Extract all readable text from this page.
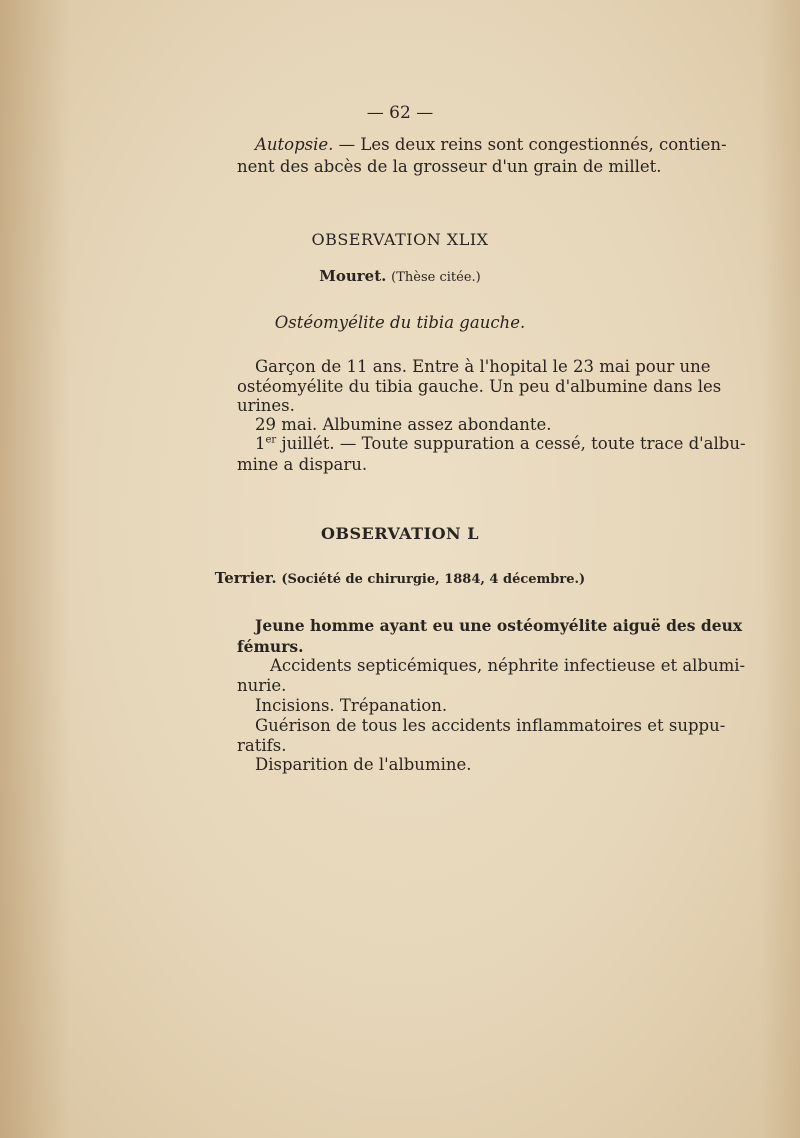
— 62 —
Autopsie. — Les deux reins sont congestionnés, contien-
nent des abcès de la grosseur d'un grain de millet.
OBSERVATION XLIX
Mouret. (Thèse citée.)
Ostéomyélite du tibia gauche.
Garçon de 11 ans. Entre à l'hopital le 23 mai pour une
ostéomyélite du tibia gauche. Un peu d'albumine dans les
urines.
29 mai. Albumine assez abondante.
1er juillét. — Toute suppuration a cessé, toute trace d'albu-
mine a disparu.
OBSERVATION L
Terrier. (Société de chirurgie, 1884, 4 décembre.)
Jeune homme ayant eu une ostéomyélite aiguë des deux
fémurs.
Accidents septicémiques, néphrite infectieuse et albumi-
nurie.
Incisions. Trépanation.
Guérison de tous les accidents inflammatoires et suppu-
ratifs.
Disparition de l'albumine.
